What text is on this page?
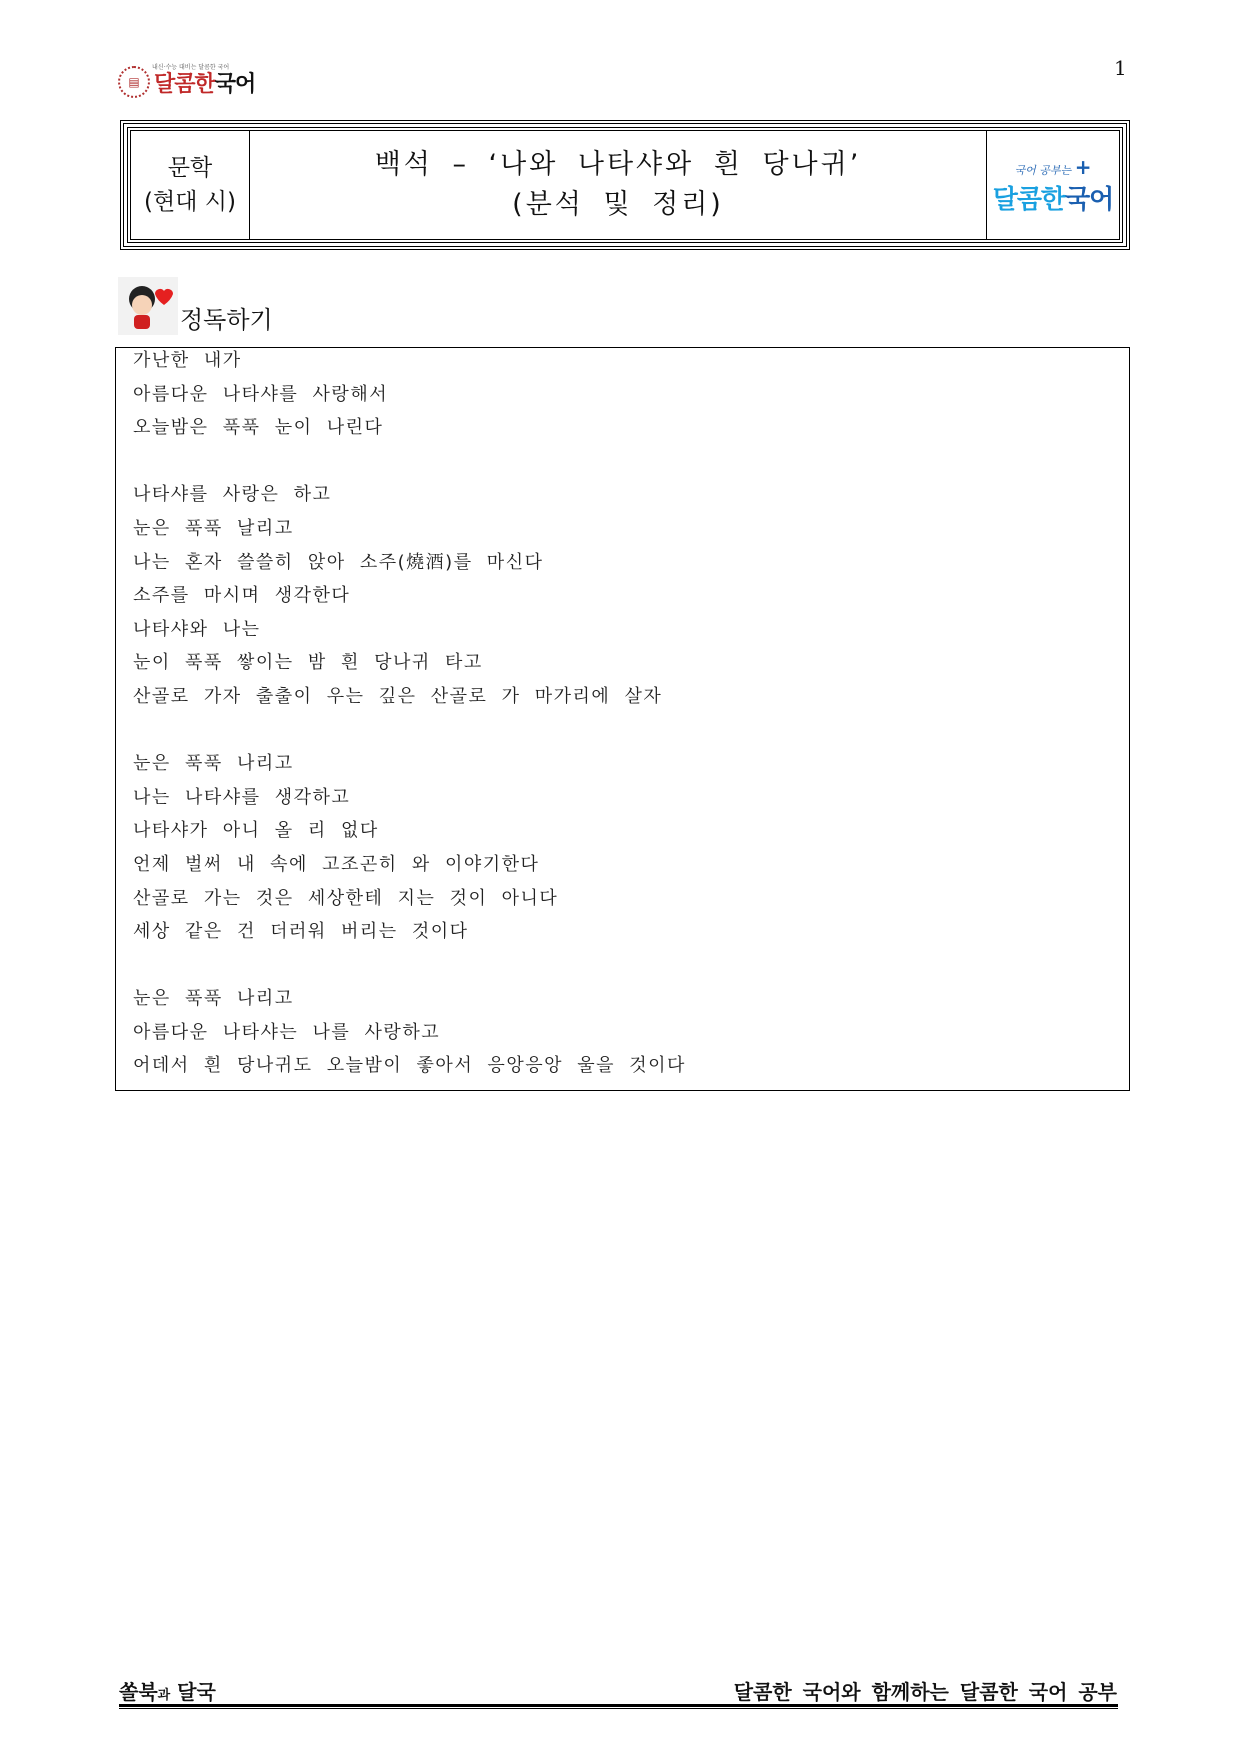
▤
내신·수능 대비는 달콤한 국어
달콤한국어
1
문학
(현대 시)
백석 – ‘나와 나타샤와 흰 당나귀’
(분석 및 정리)
국어 공부는 +
달콤한국어
정독하기
가난한 내가
아름다운 나타샤를 사랑해서
오늘밤은 푹푹 눈이 나린다
나타샤를 사랑은 하고
눈은 푹푹 날리고
나는 혼자 쓸쓸히 앉아 소주(燒酒)를 마신다
소주를 마시며 생각한다
나타샤와 나는
눈이 푹푹 쌓이는 밤 흰 당나귀 타고
산골로 가자 출출이 우는 깊은 산골로 가 마가리에 살자
눈은 푹푹 나리고
나는 나타샤를 생각하고
나타샤가 아니 올 리 없다
언제 벌써 내 속에 고조곤히 와 이야기한다
산골로 가는 것은 세상한테 지는 것이 아니다
세상 같은 건 더러워 버리는 것이다
눈은 푹푹 나리고
아름다운 나타샤는 나를 사랑하고
어데서 흰 당나귀도 오늘밤이 좋아서 응앙응앙 울을 것이다
쏠북과 달국	달콤한 국어와 함께하는 달콤한 국어 공부
